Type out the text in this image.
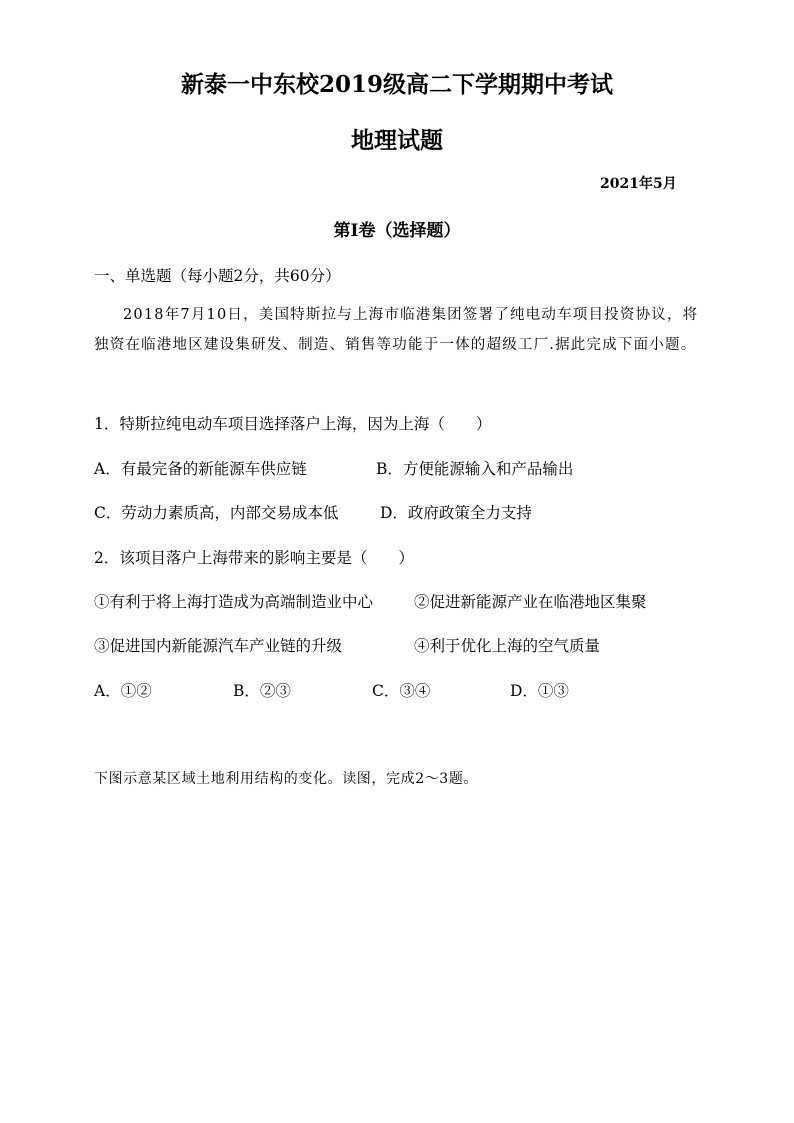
新泰一中东校2019级高二下学期期中考试
地理试题
2021年5月
第I卷（选择题）
一、单选题（每小题2分，共60分）
2018年7月10日，美国特斯拉与上海市临港集团签署了纯电动车项目投资协议，将独资在临港地区建设集研发、制造、销售等功能于一体的超级工厂.据此完成下面小题。
1．特斯拉纯电动车项目选择落户上海，因为上海（　　）
A．有最完备的新能源车供应链	B．方便能源输入和产品输出
C．劳动力素质高，内部交易成本低	D．政府政策全力支持
2．该项目落户上海带来的影响主要是（　　）
①有利于将上海打造成为高端制造业中心	②促进新能源产业在临港地区集聚
③促进国内新能源汽车产业链的升级	④利于优化上海的空气质量
A．①②	B．②③	C．③④	D．①③
下图示意某区域土地利用结构的变化。读图，完成2～3题。
